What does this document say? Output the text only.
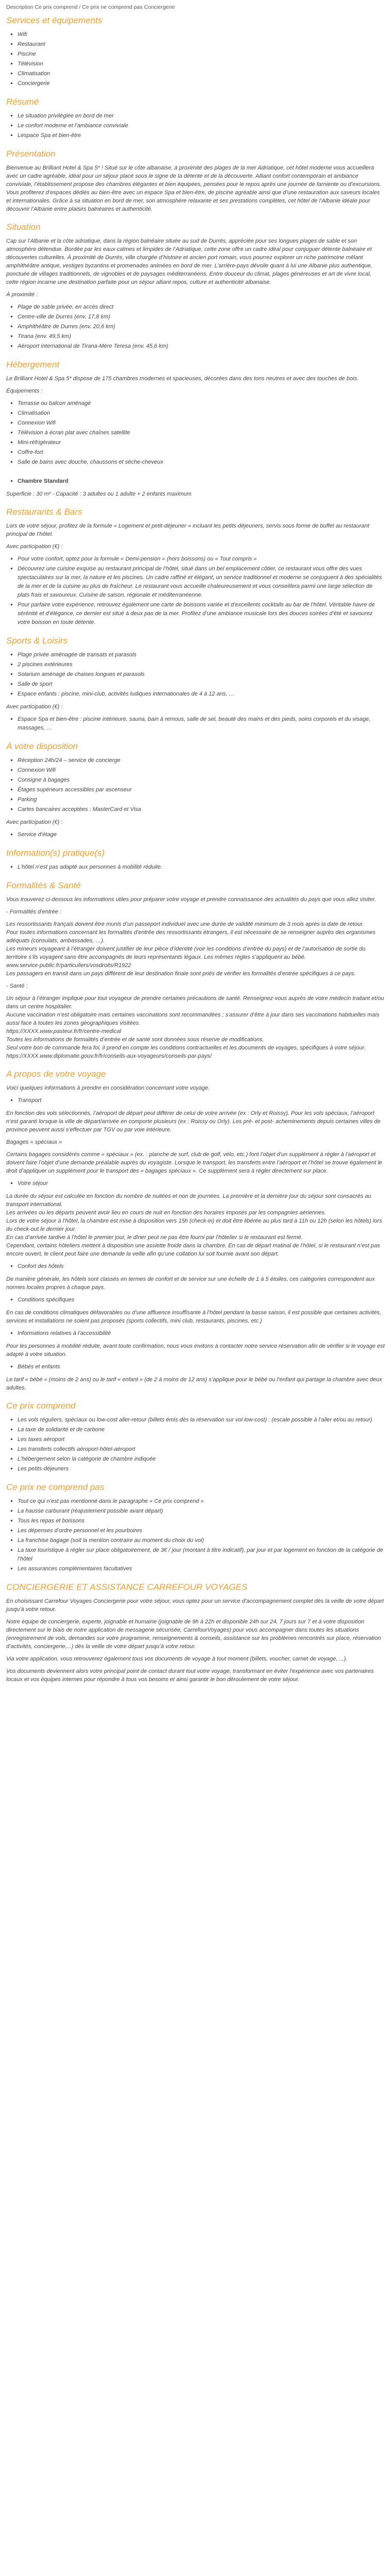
Description Ce prix comprend / Ce prix ne comprend pas Conciergerie
Services et équipements
▪ Wifi
▪ Restaurant
▪ Piscine
▪ Télévision
▪ Climatisation
▪ Conciergerie
Résumé
▪ Le situation privilégiée en bord de mer
▪ Le confort moderne et l’ambiance conviviale
▪ Lespace Spa et bien-être
Présentation

Bienvenue au Brilliant Hotel & Spa 5* ! Situé sur le côte albanaise, à proximité des plages de la mer Adriatique, cet hôtel moderne vous accueillera avec un cadre agréable, idéal pour un séjour placé sous le signe de la détente et de la découverte. Alliant confort contemporain et ambiance conviviale, l’établissement propose des chambres élégantes et bien équipées, pensées pour le repos après une journée de farniente ou d’excursions. Vous profiterez d’espaces dédiés au bien-être avec un espace Spa et bien-être, de piscine agréable ainsi que d’une restauration aux saveurs locales et internationales. Grâce à sa situation en bord de mer, son atmosphère relaxante et ses prestations complètes, cet hôtel de l’Albanie idéale pour découvrir l’Albanie entre plaisirs balnéaires et authenticité.

Situation

Cap sur l’Albanie et la côte adriatique, dans la région balnéaire située au sud de Durrës, appréciée pour ses longues plages de sable et son atmosphère détendue. Bordée par les eaux calmes et limpides de l’Adriatique, cette zone offre un cadre idéal pour conjuguer détente balnéaire et découvertes culturelles. À proximité de Durrës, ville chargée d’histoire et ancien port romain, vous pourrez explorer un riche patrimoine mêlant amphithéâtre antique, vestiges byzantins et promenades animées en bord de mer. L’arrière-pays dévoile quant à lui une Albanie plus authentique, ponctuée de villages traditionnels, de vignobles et de paysages méditerranéens. Entre douceur du climat, plages généreuses et art de vivre local, cette région incarne une destination parfaite pour un séjour alliant repos, culture et authenticité albanaise.

À proximité :

▪ Plage de sable privée, en accès direct
▪ Centre-ville de Durres (env. 17,8 km)
▪ Amphithéâtre de Durres (env. 20,6 km)
▪ Tirana (env. 49,5 km)
▪ Aéroport international de Tirana-Mère Teresa (env. 45,6 km)
Hébergement

Le Brilliant Hotel & Spa 5* dispose de 175 chambres modernes et spacieuses, décorées dans des tons neutres et avec des touches de bois.

Équipements :

▪ Terrasse ou balcon aménagé
▪ Climatisation
▪ Connexion Wifi
▪ Télévision à écran plat avec chaînes satellite
▪ Mini-réfrigérateur
▪ Coffre-fort
▪ Salle de bains avec douche, chaussons et sèche-cheveux
▪ Chambre Standard

Superficie : 30 m² - Capacité : 3 adultes ou 1 adulte + 2 enfants maximum

Restaurants & Bars

Lors de votre séjour, profitez de la formule « Logement et petit-déjeuner » incluant les petits-déjeuners, servis sous forme de buffet au restaurant principal de l’hôtel.

Avec participation (€) :

▪ Pour votre confort, optez pour la formule « Demi-pension » (hors boissons) ou « Tout compris »
▪ Découvrez une cuisine exquise au restaurant principal de l’hôtel, situé dans un bel emplacement côtier, ce restaurant vous offre des vues spectaculaires sur la mer, la nature et les piscines. Un cadre raffiné et élégant, un service traditionnel et moderne se conjuguent à des spécialités de la mer et de la cuisine au plus de fraîcheur. Le restaurant vous accueille chaleureusement et vous conseillera parmi une large sélection de plats frais et savoureux. Cuisine de saison, régionale et méditerranéenne.
▪ Pour parfaire votre expérience, retrouvez également une carte de boissons variée et d’excellents cocktails au bar de l’hôtel. Véritable havre de sérénité et d’élégance, ce dernier est situé à deux pas de la mer. Profitez d’une ambiance musicale lors des douces soirées d’été et savourez votre boisson en toute détente.
Sports & Loisirs
▪ Plage privée aménagée de transats et parasols
▪ 2 piscines extérieures
▪ Solarium aménagé de chaises longues et parasols
▪ Salle de sport
▪ Espace enfants : piscine, mini-club, activités ludiques internationales de 4 à 12 ans, …

Avec participation (€) :

▪ Espace Spa et bien-être : piscine intérieure, sauna, bain à remous, salle de sel, beauté des mains et des pieds, soins corporels et du visage, massages, …
À votre disposition
▪ Réception 24h/24 – service de concierge
▪ Connexion Wifi
▪ Consigne à bagages
▪ Étages supérieurs accessibles par ascenseur
▪ Parking
▪ Cartes bancaires acceptées : MasterCard et Visa

Avec participation (€) :

▪ Service d’étage
Information(s) pratique(s)
▪ L’hôtel n’est pas adapté aux personnes à mobilité réduite.
Formalités & Santé

Vous trouverez ci-dessous les informations utiles pour préparer votre voyage et prendre connaissance des actualités du pays que vous allez visiter.

- Formalités d’entrée :

Les ressortissants français doivent être munis d’un passeport individuel avec une durée de validité minimum de 3 mois après la date de retour.
Pour toutes informations concernant les formalités d’entrée des ressortissants étrangers, il est nécessaire de se renseigner auprès des organismes adéquats (consulats, ambassades, …).
Les mineurs voyageant à l’étranger doivent justifier de leur pièce d’identité (voir les conditions d’entrée du pays) et de l’autorisation de sortie du territoire s’ils voyagent sans être accompagnés de leurs représentants légaux. Les mêmes règles s’appliquent au bébé.
www.service-public.fr/particuliers/vosdroits/R1922
Les passagers en transit dans un pays différent de leur destination finale sont priés de vérifier les formalités d’entrée spécifiques à ce pays.

- Santé :

Un séjour à l’étranger implique pour tout voyageur de prendre certaines précautions de santé. Renseignez-vous auprès de votre médecin traitant et/ou dans un centre hospitalier.
Aucune vaccination n’est obligatoire mais certaines vaccinations sont recommandées ; s’assurer d’être à jour dans ses vaccinations habituelles mais aussi face à toutes les zones géographiques visitées.
https://XXXX.www.pasteur.fr/fr/centre-medical
Toutes les informations de formalités d’entrée et de santé sont données sous réserve de modifications.
Seul votre bon de commande fera foi, il prend en compte les conditions contractuelles et les documents de voyages, spécifiques à votre séjour.
https://XXXX.www.diplomatie.gouv.fr/fr/conseils-aux-voyageurs/conseils-par-pays/

A propos de votre voyage

Voici quelques informations à prendre en considération concernant votre voyage.

▪ Transport

En fonction des vols sélectionnés, l’aéroport de départ peut différer de celui de votre arrivée (ex : Orly et Roissy). Pour les vols spéciaux, l’aéroport n’est garanti lorsque la ville de départ/arrivée en comporte plusieurs (ex : Roissy ou Orly). Les pré- et post- acheminements depuis certaines villes de province peuvent aussi s’effectuer par TGV ou par voie intérieure.

Bagages « spéciaux »

Certains bagages considérés comme « spéciaux » (ex. : planche de surf, club de golf, vélo, etc.) font l’objet d’un supplément à régler à l’aéroport et doivent faire l’objet d’une demande préalable auprès du voyagiste. Lorsque le transport, les transferts entre l’aéroport et l’hôtel se trouve également le droit d’appliquer un supplément pour le transport des « bagages spéciaux ». Ce supplément sera à régler directement sur place.

▪ Votre séjour

La durée du séjour est calculée en fonction du nombre de nuitées et non de journées. La première et la dernière jour du séjour sont consacrés au transport international.
Les arrivées ou les départs peuvent avoir lieu en cours de nuit en fonction des horaires imposés par les compagnies aériennes.
Lors de votre séjour à l’hôtel, la chambre est mise à disposition vers 15h (check-in) et doit être libérée au plus tard à 11h ou 12h (selon les hôtels) lors du check-out le dernier jour.
En cas d’arrivée tardive à l’hôtel le premier jour, le dîner peut ne pas être fourni par l’hôtelier si le restaurant est fermé.
Cependant, certains hôteliers mettent à disposition une assiette froide dans la chambre. En cas de départ matinal de l’hôtel, si le restaurant n’est pas encore ouvert, le client peut faire une demande la veille afin qu’une collation lui soit fournie avant son départ.

▪ Confort des hôtels

De manière générale, les hôtels sont classés en termes de confort et de service sur une échelle de 1 à 5 étoiles, ces catégories correspondent aux normes locales propres à chaque pays.

▪ Conditions spécifiques

En cas de conditions climatiques défavorables ou d’une affluence insuffisante à l’hôtel pendant la basse saison, il est possible que certaines activités, services et installations ne soient pas proposés (sports collectifs, mini club, restaurants, piscines, etc.)

▪ Informations relatives à l’accessibilité

Pour les personnes à mobilité réduite, avant toute confirmation, nous vous invitons à contacter notre service réservation afin de vérifier si le voyage est adapté à votre situation.

▪ Bébés et enfants

Le tarif « bébé » (moins de 2 ans) ou le tarif « enfant » (de 2 à moins de 12 ans) s’applique pour le bébé ou l’enfant qui partage la chambre avec deux adultes.

Ce prix comprend
▪ Les vols réguliers, spéciaux ou low-cost aller-retour (billets émis dès la réservation sur vol low-cost) : (escale possible à l’aller et/ou au retour)
▪ La taxe de solidarité et de carbone
▪ Les taxes aéroport
▪ Les transferts collectifs aéroport-hôtel-aéroport
▪ L’hébergement selon la catégorie de chambre indiquée
▪ Les petits-déjeuners
Ce prix ne comprend pas
▪ Tout ce qui n’est pas mentionné dans le paragraphe « Ce prix comprend »
▪ La hausse carburant (réajustement possible avant départ)
▪ Tous les repas et boissons
▪ Les dépenses d’ordre personnel et les pourboires
▪ La franchise bagage (soit la mention contraire au moment du choix du vol)
▪ La taxe touristique à régler sur place obligatoirement, de 3€ / jour (montant à titre indicatif), par jour et par logement en fonction de la catégorie de l’hôtel
▪ Les assurances complémentaires facultatives
CONCIERGERIE ET ASSISTANCE CARREFOUR VOYAGES

En choisissant Carrefour Voyages Conciergerie pour votre séjour, vous optez pour un service d’accompagnement complet dès la veille de votre départ jusqu’à votre retour.

Notre équipe de conciergerie, experte, joignable et humaine (joignable de 9h à 22h et disponible 24h sur 24, 7 jours sur 7 et à votre disposition directement sur le biais de notre application de messagerie sécurisée, CarrefourVoyages) pour vous accompagner dans toutes les situations (enregistrement de vols, demandes sur votre programme, renseignements & conseils, assistance sur les problèmes rencontrés sur place, réservation d’activités, conciergerie,...) dès la veille de votre départ jusqu’à votre retour.

Via votre application, vous retrouverez également tous vos documents de voyage à tout moment (billets, voucher, carnet de voyage, ...).

Vos documents deviennent alors votre principal point de contact durant tout votre voyage, transformant en éviter l’expérience avec vos partenaires locaux et vos équipes internes pour répondre à tous vos besoins et ainsi garantir le bon déroulement de votre séjour.
